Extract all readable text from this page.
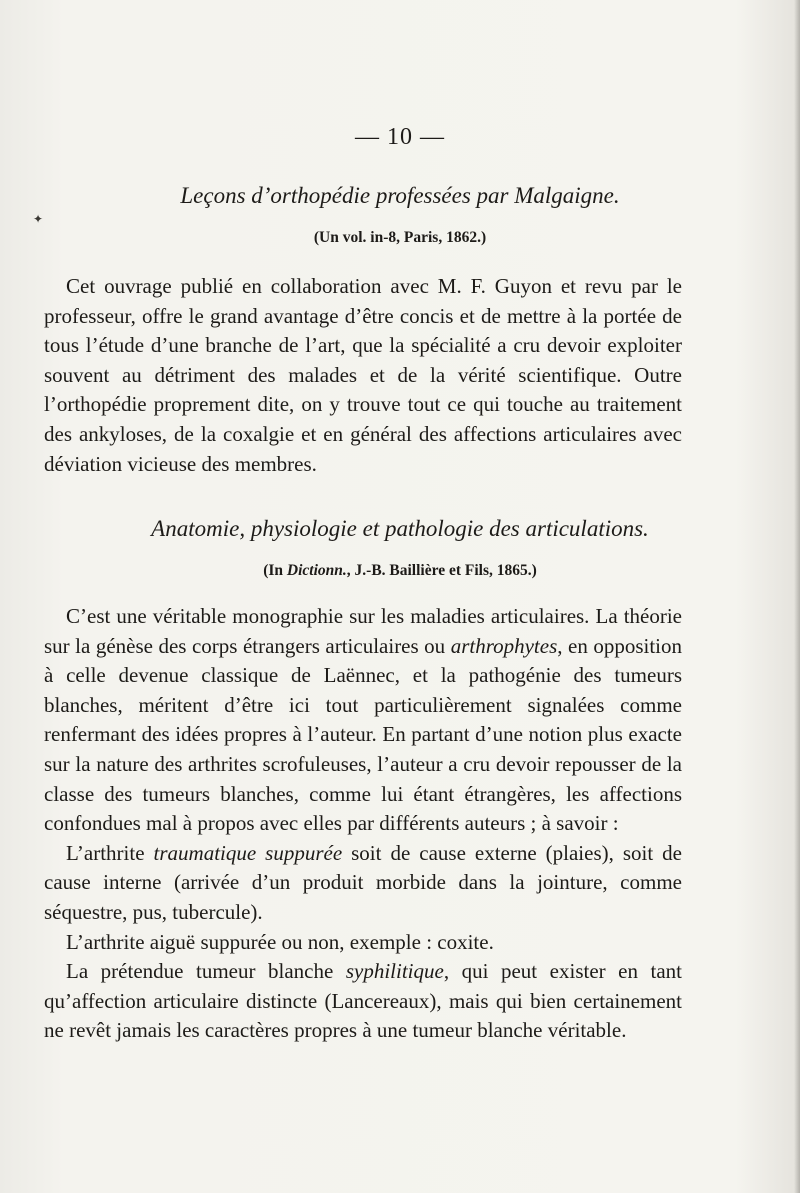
✦
— 10 —
Leçons d’orthopédie professées par Malgaigne.
(Un vol. in-8, Paris, 1862.)

Cet ouvrage publié en collaboration avec M. F. Guyon et revu par le professeur, offre le grand avantage d’être concis et de mettre à la portée de tous l’étude d’une branche de l’art, que la spécialité a cru devoir exploiter souvent au détriment des malades et de la vérité scientifique. Outre l’orthopédie proprement dite, on y trouve tout ce qui touche au traitement des ankyloses, de la coxalgie et en général des affections articulaires avec déviation vicieuse des membres.

Anatomie, physiologie et pathologie des articulations.
(In Dictionn., J.-B. Baillière et Fils, 1865.)

C’est une véritable monographie sur les maladies articulaires. La théorie sur la génèse des corps étrangers articulaires ou arthrophytes, en opposition à celle devenue classique de Laënnec, et la pathogénie des tumeurs blanches, méritent d’être ici tout particulièrement signalées comme renfermant des idées propres à l’auteur. En partant d’une notion plus exacte sur la nature des arthrites scrofuleuses, l’auteur a cru devoir repousser de la classe des tumeurs blanches, comme lui étant étrangères, les affections confondues mal à propos avec elles par différents auteurs ; à savoir :

L’arthrite traumatique suppurée soit de cause externe (plaies), soit de cause interne (arrivée d’un produit morbide dans la jointure, comme séquestre, pus, tubercule).

L’arthrite aiguë suppurée ou non, exemple : coxite.

La prétendue tumeur blanche syphilitique, qui peut exister en tant qu’affection articulaire distincte (Lancereaux), mais qui bien certainement ne revêt jamais les caractères propres à une tumeur blanche véritable.
